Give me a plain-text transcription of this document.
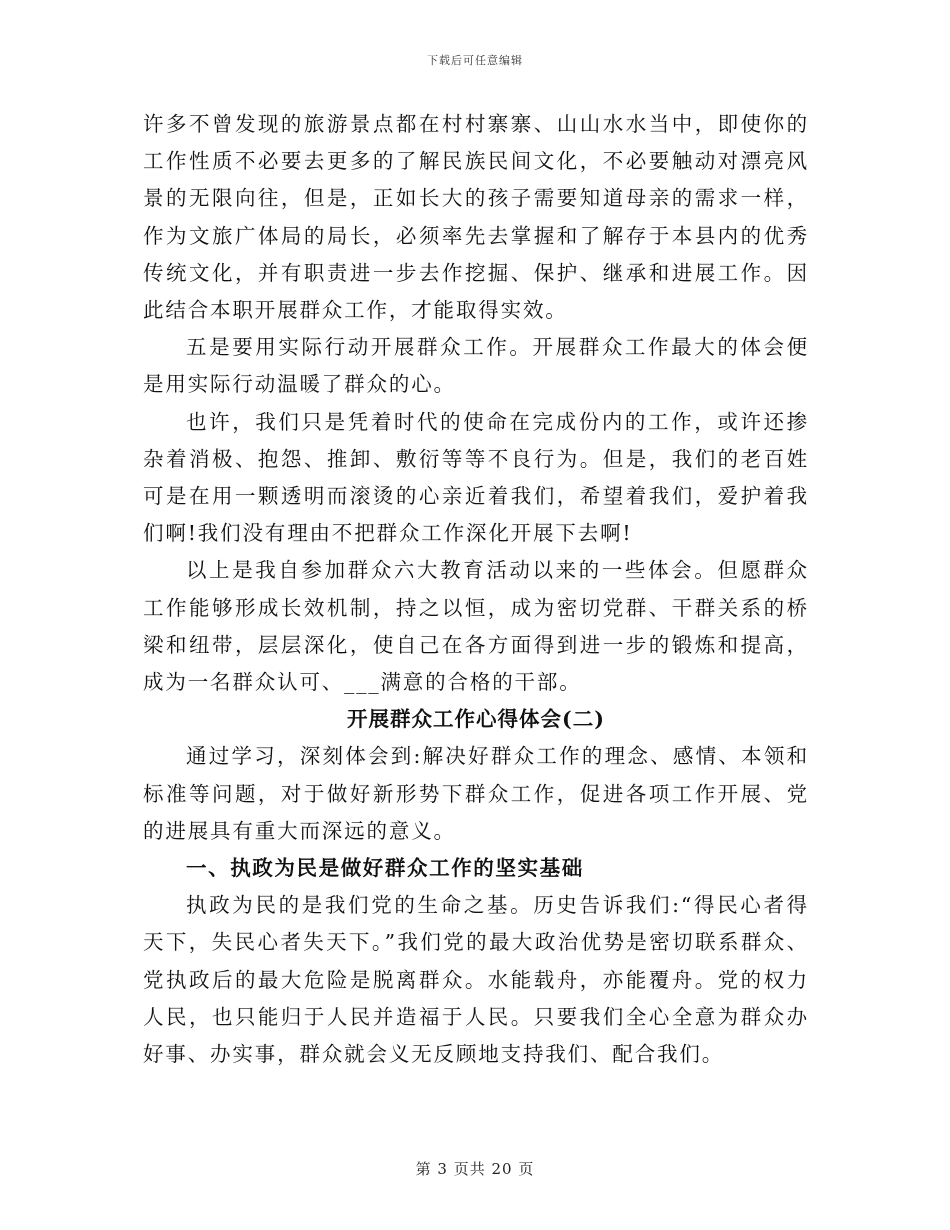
下载后可任意编辑

许多不曾发现的旅游景点都在村村寨寨、山山水水当中，即使你的工作性质不必要去更多的了解民族民间文化，不必要触动对漂亮风景的无限向往，但是，正如长大的孩子需要知道母亲的需求一样，作为文旅广体局的局长，必须率先去掌握和了解存于本县内的优秀传统文化，并有职责进一步去作挖掘、保护、继承和进展工作。因此结合本职开展群众工作，才能取得实效。

五是要用实际行动开展群众工作。开展群众工作最大的体会便是用实际行动温暖了群众的心。

也许，我们只是凭着时代的使命在完成份内的工作，或许还掺杂着消极、抱怨、推卸、敷衍等等不良行为。但是，我们的老百姓可是在用一颗透明而滚烫的心亲近着我们，希望着我们，爱护着我们啊!我们没有理由不把群众工作深化开展下去啊!

以上是我自参加群众六大教育活动以来的一些体会。但愿群众工作能够形成长效机制，持之以恒，成为密切党群、干群关系的桥梁和纽带，层层深化，使自己在各方面得到进一步的锻炼和提高，成为一名群众认可、___满意的合格的干部。

开展群众工作心得体会(二)

通过学习，深刻体会到:解决好群众工作的理念、感情、本领和标准等问题，对于做好新形势下群众工作，促进各项工作开展、党的进展具有重大而深远的意义。

一、执政为民是做好群众工作的坚实基础

执政为民的是我们党的生命之基。历史告诉我们:“得民心者得天下，失民心者失天下。”我们党的最大政治优势是密切联系群众、党执政后的最大危险是脱离群众。水能载舟，亦能覆舟。党的权力人民，也只能归于人民并造福于人民。只要我们全心全意为群众办好事、办实事，群众就会义无反顾地支持我们、配合我们。

第 3 页共 20 页
